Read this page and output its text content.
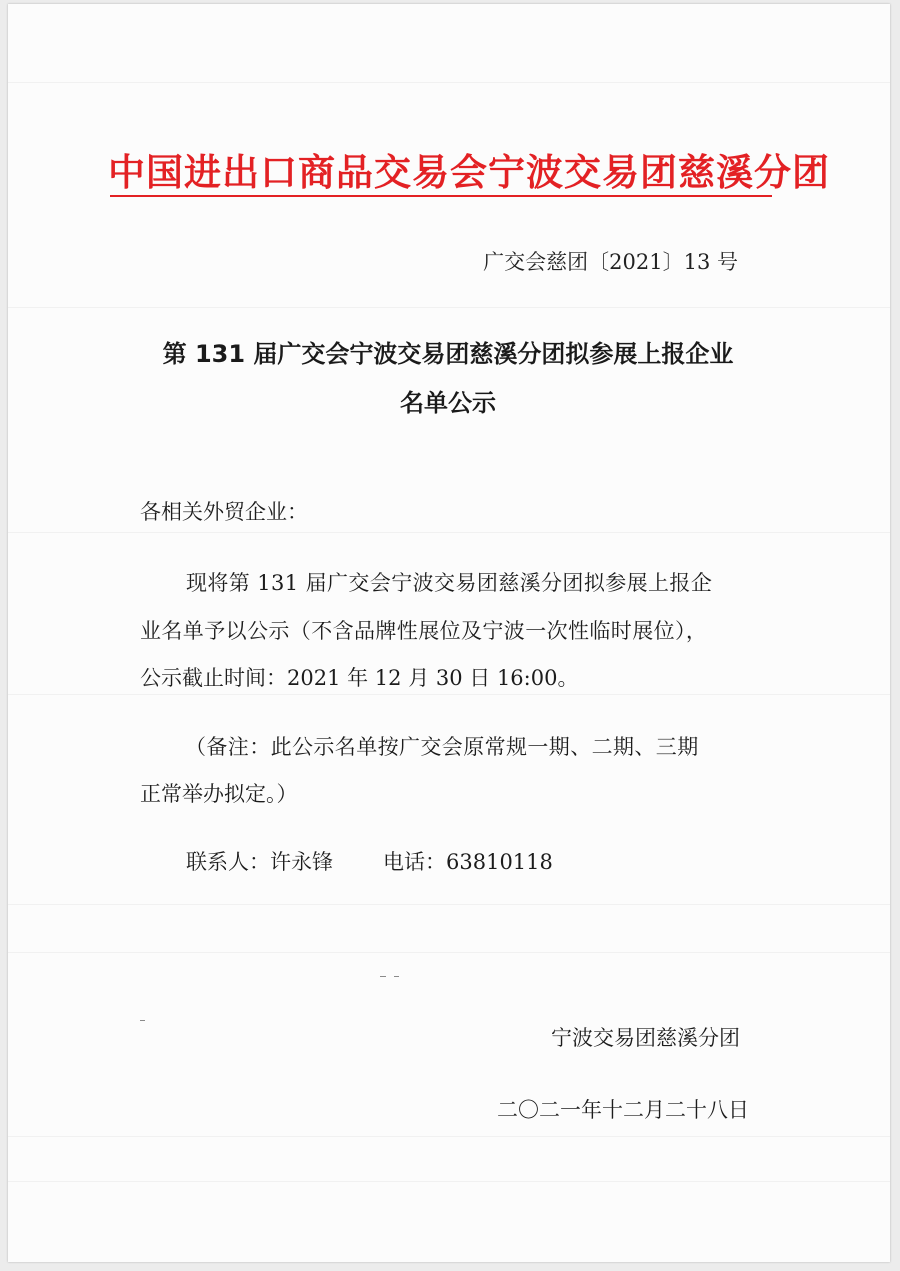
中国进出口商品交易会宁波交易团慈溪分团
广交会慈团〔2021〕13 号
第 131 届广交会宁波交易团慈溪分团拟参展上报企业
名单公示
各相关外贸企业：
现将第 131 届广交会宁波交易团慈溪分团拟参展上报企
业名单予以公示（不含品牌性展位及宁波一次性临时展位），
公示截止时间：2021 年 12 月 30 日 16:00。
（备注：此公示名单按广交会原常规一期、二期、三期
正常举办拟定。）
联系人：许永锋 电话：63810118
宁波交易团慈溪分团
二〇二一年十二月二十八日
